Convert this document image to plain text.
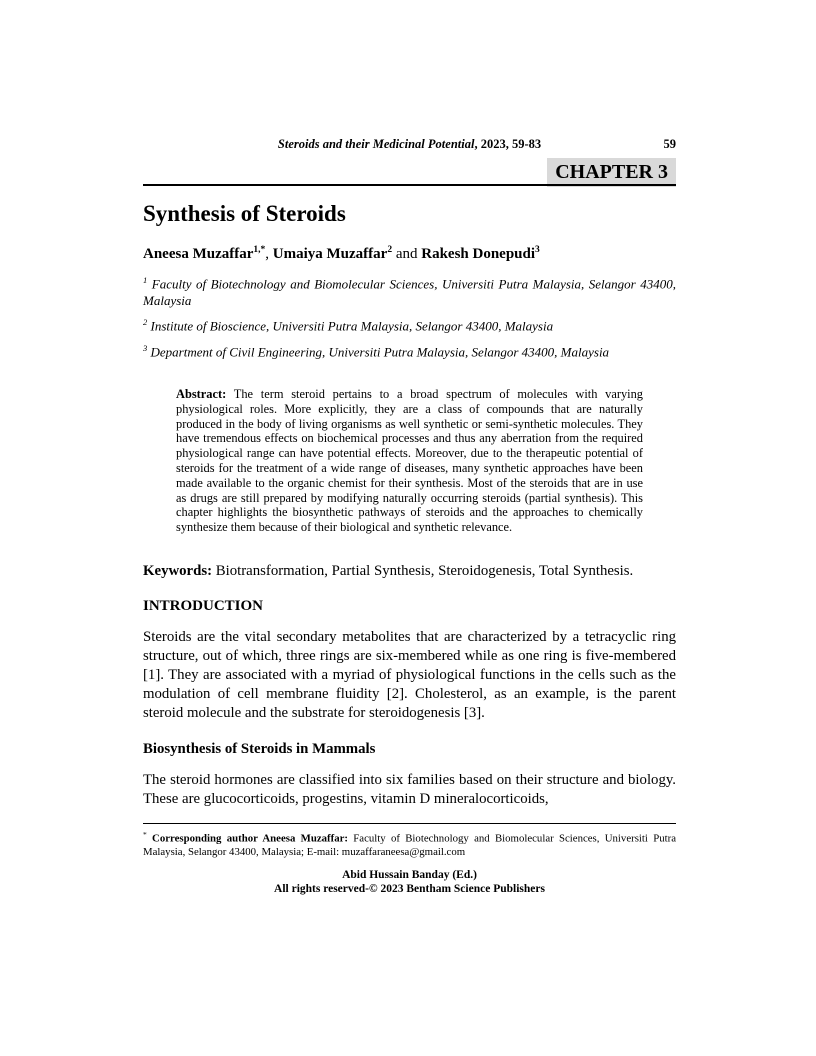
Steroids and their Medicinal Potential, 2023, 59-83	59
CHAPTER 3
Synthesis of Steroids

Aneesa Muzaffar$^{1,*}$, Umaiya Muzaffar$^2$ and Rakesh Donepudi$^3$

$^1$ Faculty of Biotechnology and Biomolecular Sciences, Universiti Putra Malaysia, Selangor 43400, Malaysia

$^2$ Institute of Bioscience, Universiti Putra Malaysia, Selangor 43400, Malaysia

$^3$ Department of Civil Engineering, Universiti Putra Malaysia, Selangor 43400, Malaysia

Abstract: The term steroid pertains to a broad spectrum of molecules with varying physiological roles. More explicitly, they are a class of compounds that are naturally produced in the body of living organisms as well synthetic or semi-synthetic molecules. They have tremendous effects on biochemical processes and thus any aberration from the required physiological range can have potential effects. Moreover, due to the therapeutic potential of steroids for the treatment of a wide range of diseases, many synthetic approaches have been made available to the organic chemist for their synthesis. Most of the steroids that are in use as drugs are still prepared by modifying naturally occurring steroids (partial synthesis). This chapter highlights the biosynthetic pathways of steroids and the approaches to chemically synthesize them because of their biological and synthetic relevance.

Keywords: Biotransformation, Partial Synthesis, Steroidogenesis, Total Synthesis.

INTRODUCTION

Steroids are the vital secondary metabolites that are characterized by a tetracyclic ring structure, out of which, three rings are six-membered while as one ring is five-membered [1]. They are associated with a myriad of physiological functions in the cells such as the modulation of cell membrane fluidity [2]. Cholesterol, as an example, is the parent steroid molecule and the substrate for steroidogenesis [3].

Biosynthesis of Steroids in Mammals

The steroid hormones are classified into six families based on their structure and biology. These are glucocorticoids, progestins, vitamin D mineralocorticoids,

* Corresponding author Aneesa Muzaffar: Faculty of Biotechnology and Biomolecular Sciences, Universiti Putra Malaysia, Selangor 43400, Malaysia; E-mail: muzaffaraneesa@gmail.com
Abid Hussain Banday (Ed.)
All rights reserved-© 2023 Bentham Science Publishers
